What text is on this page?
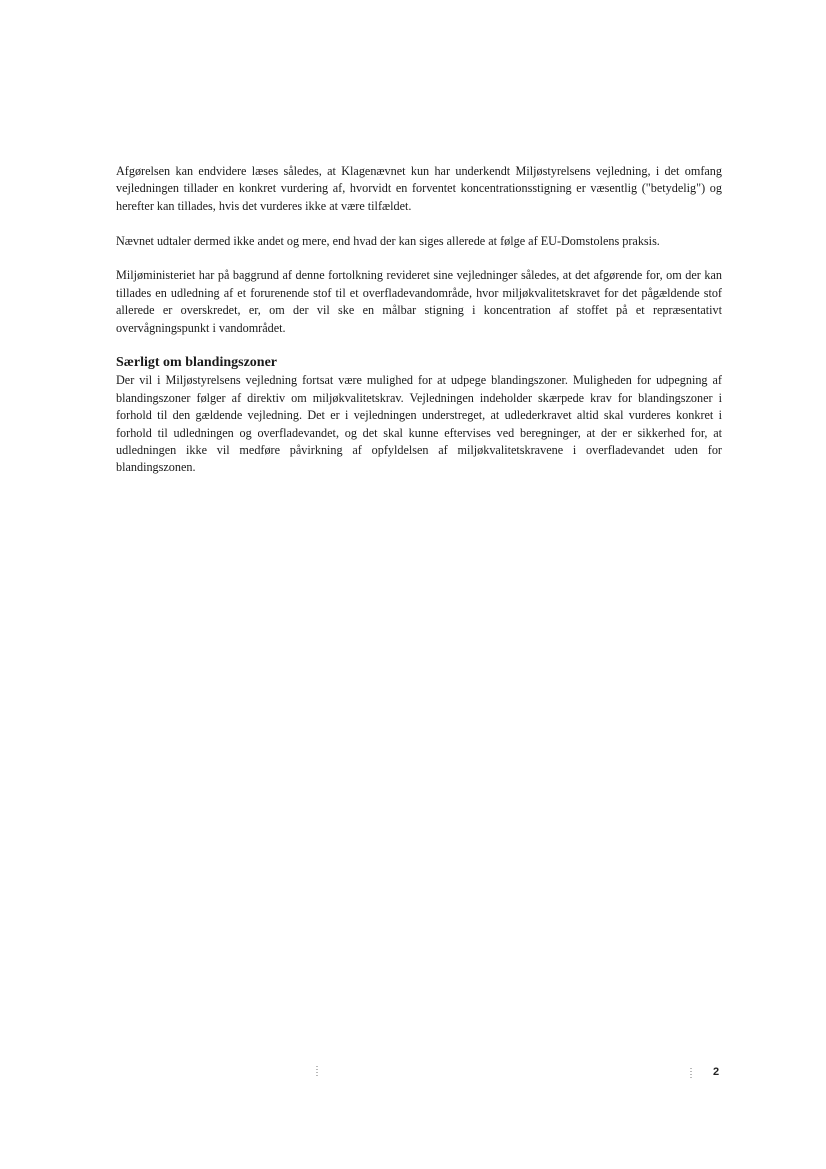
Afgørelsen kan endvidere læses således, at Klagenævnet kun har underkendt Miljøstyrelsens vejledning, i det omfang vejledningen tillader en konkret vurdering af, hvorvidt en forventet koncentrationsstigning er væsentlig ("betydelig") og herefter kan tillades, hvis det vurderes ikke at være tilfældet.

Nævnet udtaler dermed ikke andet og mere, end hvad der kan siges allerede at følge af EU-Domstolens praksis.

Miljøministeriet har på baggrund af denne fortolkning revideret sine vejledninger således, at det afgørende for, om der kan tillades en udledning af et forurenende stof til et overfladevandområde, hvor miljøkvalitetskravet for det pågældende stof allerede er overskredet, er, om der vil ske en målbar stigning i koncentration af stoffet på et repræsentativt overvågningspunkt i vandområdet.

Særligt om blandingszoner

Der vil i Miljøstyrelsens vejledning fortsat være mulighed for at udpege blandingszoner. Muligheden for udpegning af blandingszoner følger af direktiv om miljøkvalitetskrav. Vejledningen indeholder skærpede krav for blandingszoner i forhold til den gældende vejledning. Det er i vejledningen understreget, at udlederkravet altid skal vurderes konkret i forhold til udledningen og overfladevandet, og det skal kunne eftervises ved beregninger, at der er sikkerhed for, at udledningen ikke vil medføre påvirkning af opfyldelsen af miljøkvalitetskravene i overfladevandet uden for blandingszonen.

2
